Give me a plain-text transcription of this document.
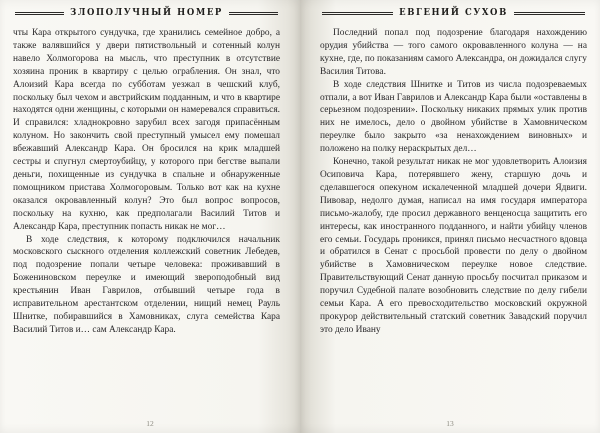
ЗЛОПОЛУЧНЫЙ НОМЕР

чты Кара открытого сундучка, где хранились семейное добро, а также валявшийся у двери пятиствольный и сотенный колун навело Холмогорова на мысль, что преступник в отсутствие хозяина проник в квартиру с целью ограбления. Он знал, что Алоизий Кара всегда по субботам уезжал в чешский клуб, поскольку был чехом и австрийским подданным, и что в квартире находятся одни женщины, с которыми он намеревался справиться. И справился: хладнокровно зарубил всех загодя припасённым колуном. Но закончить свой преступный умысел ему помешал вбежавший Александр Кара. Он бросился на крик младшей сестры и спугнул смертоубийцу, у которого при бегстве выпали деньги, похищенные из сундучка в спальне и обнаруженные помощником пристава Холмогоровым. Только вот как на кухне оказался окровавленный колун? Это был вопрос вопросов, поскольку на кухню, как предполагали Василий Титов и Александр Кара, преступник попасть никак не мог…

В ходе следствия, к которому подключился начальник московского сыскного отделения коллежский советник Лебедев, под подозрение попали четыре человека: проживавший в Божениновском переулке и имеющий звероподобный вид крестьянин Иван Гаврилов, отбывший четыре года в исправительном арестантском отделении, нищий немец Рауль Шнитке, побиравшийся в Хамовниках, слуга семейства Кара Василий Титов и… сам Александр Кара.

12
ЕВГЕНИЙ СУХОВ

Последний попал под подозрение благодаря нахождению орудия убийства — того самого окровавленного колуна — на кухне, где, по показаниям самого Александра, он дожидался слугу Василия Титова.

В ходе следствия Шнитке и Титов из числа подозреваемых отпали, а вот Иван Гаврилов и Александр Кара были «оставлены в серьезном подозрении». Поскольку никаких прямых улик против них не имелось, дело о двойном убийстве в Хамовническом переулке было закрыто «за ненахождением виновных» и положено на полку нераскрытых дел…

Конечно, такой результат никак не мог удовлетворить Алоизия Осиповича Кара, потерявшего жену, старшую дочь и сделавшегося опекуном искалеченной младшей дочери Ядвиги. Пивовар, недолго думая, написал на имя государя императора письмо-жалобу, где просил державного венценосца защитить его интересы, как иностранного подданного, и найти убийцу членов его семьи. Государь проникся, принял письмо несчастного вдовца и обратился в Сенат с просьбой провести по делу о двойном убийстве в Хамовническом переулке новое следствие. Правительствующий Сенат данную просьбу посчитал приказом и поручил Судебной палате возобновить следствие по делу гибели семьи Кара. А его превосходительство московский окружной прокурор действительный статский советник Завадский поручил это дело Ивану

13
